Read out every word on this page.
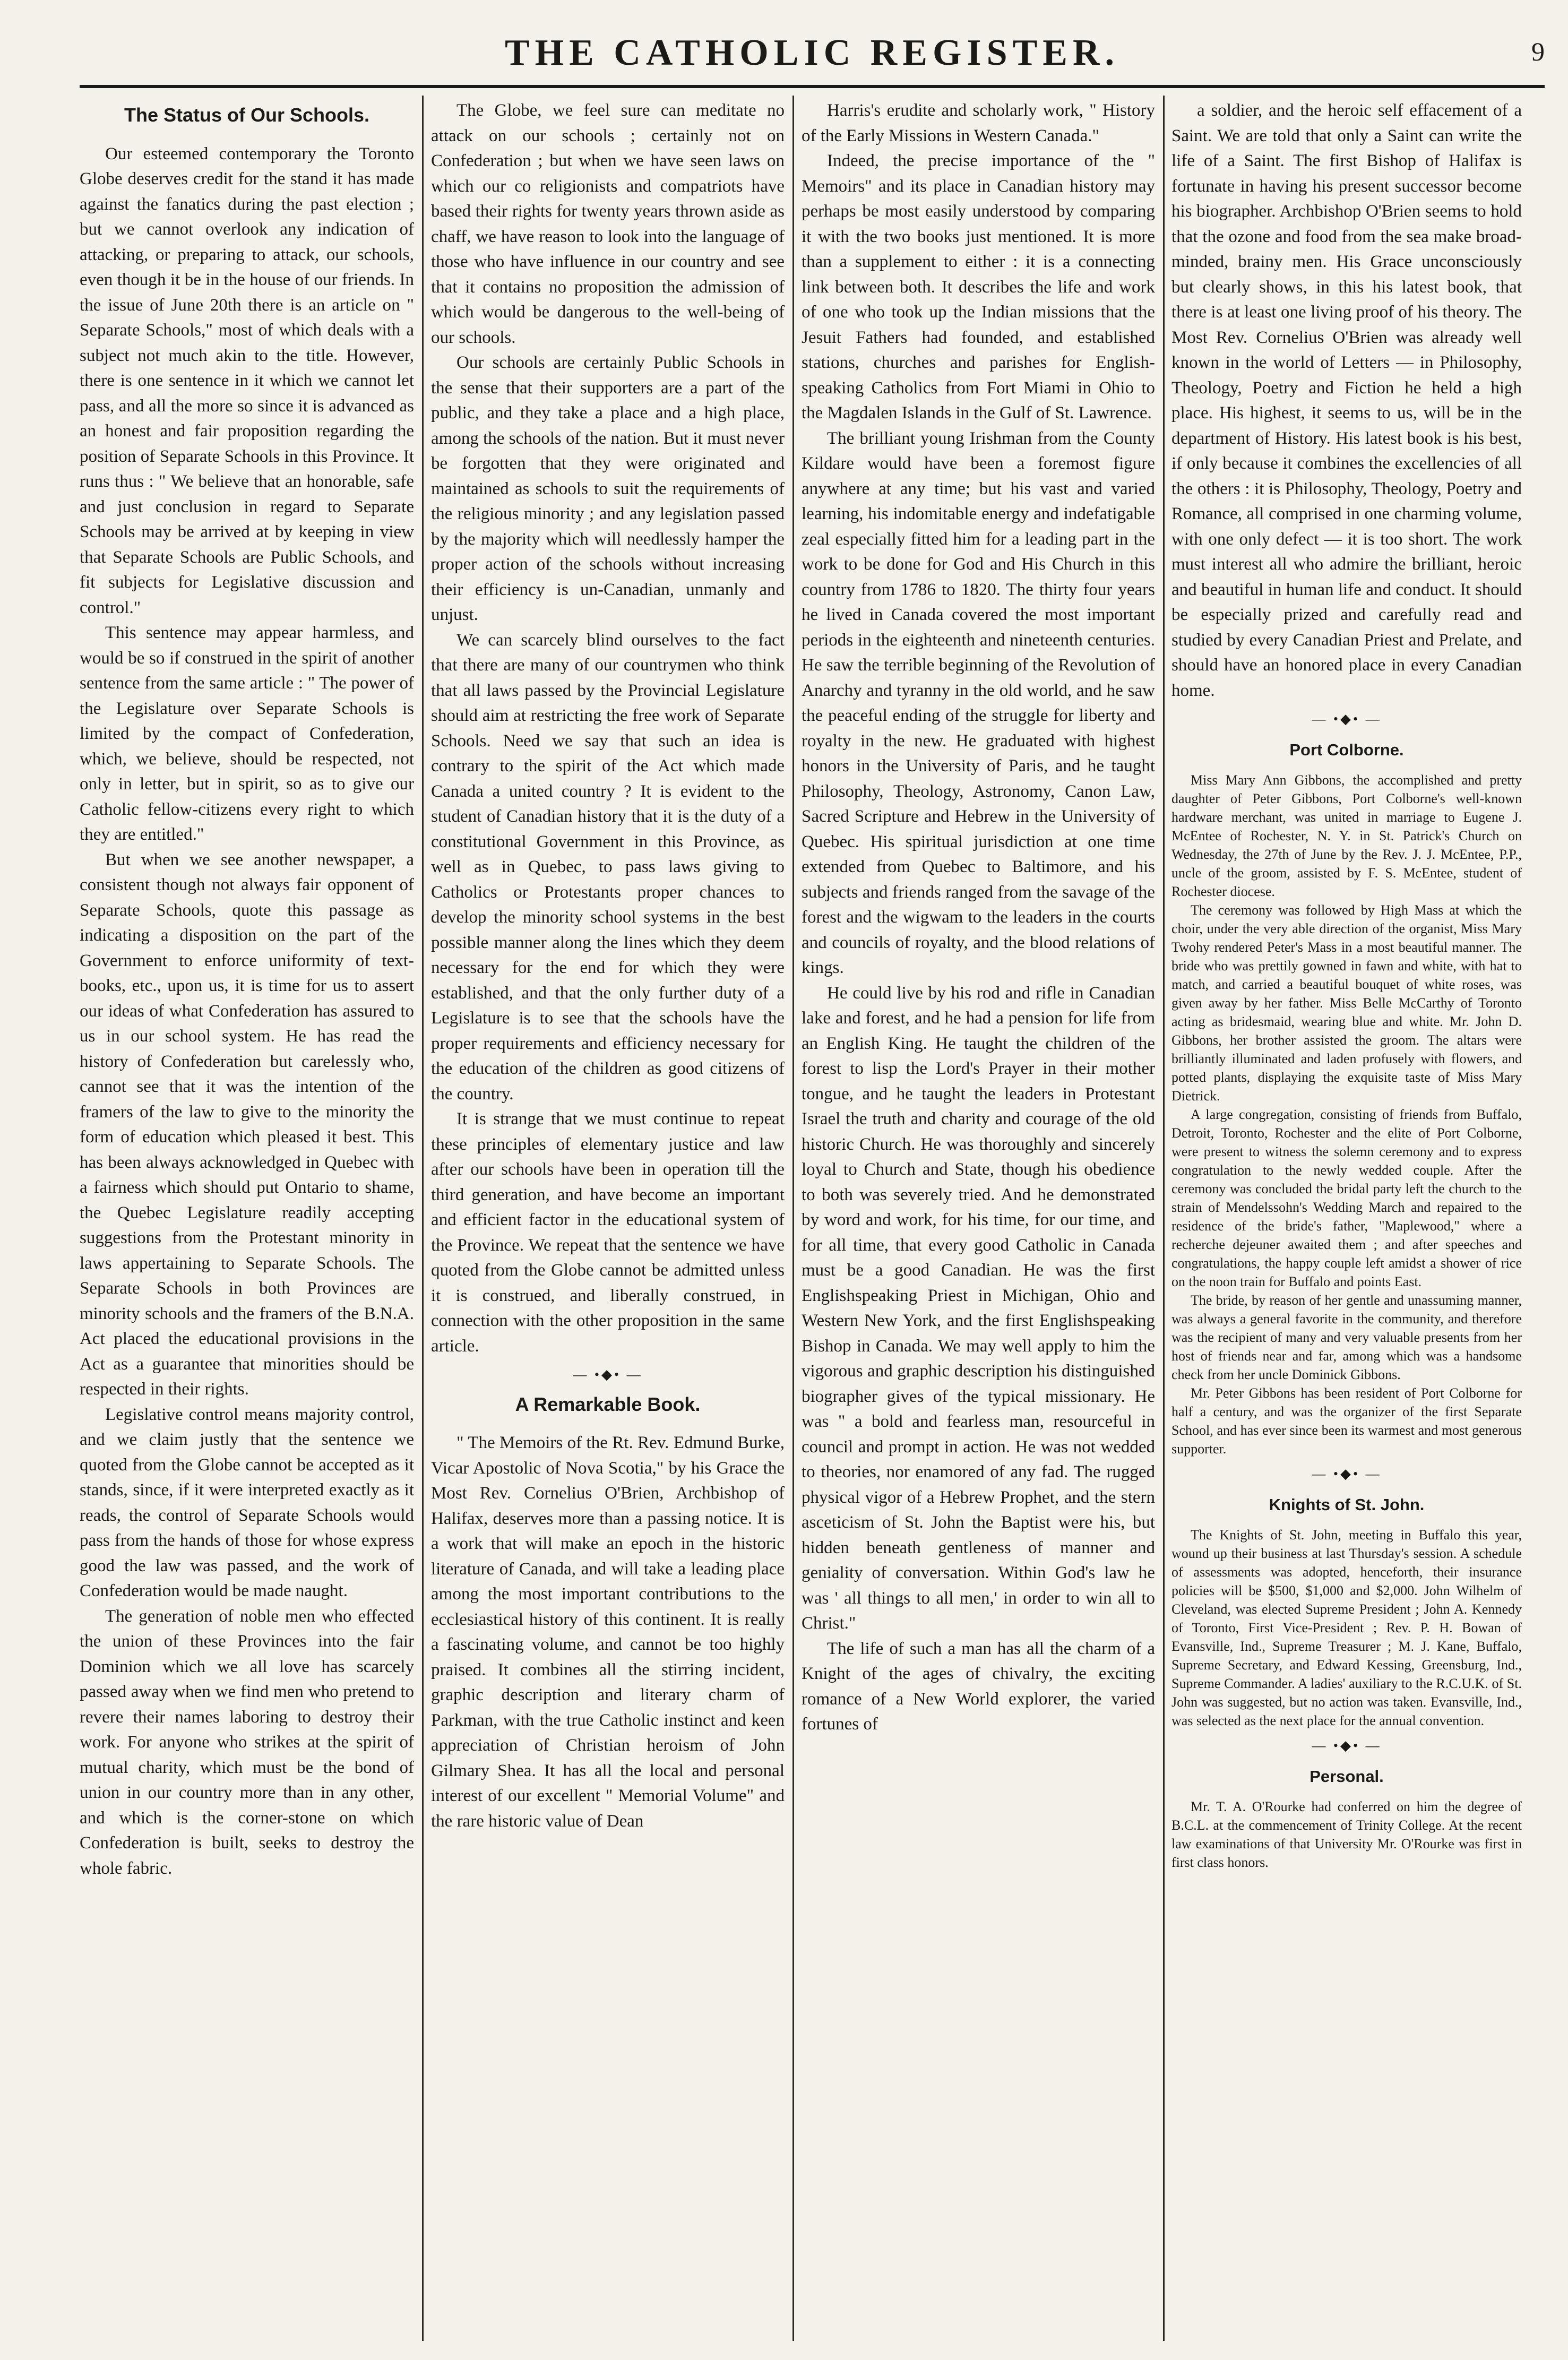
THE CATHOLIC REGISTER.	9
The Status of Our Schools.

Our esteemed contemporary the Toronto Globe deserves credit for the stand it has made against the fanatics during the past election ; but we cannot overlook any indication of attacking, or preparing to attack, our schools, even though it be in the house of our friends. In the issue of June 20th there is an article on " Separate Schools," most of which deals with a subject not much akin to the title. However, there is one sentence in it which we cannot let pass, and all the more so since it is advanced as an honest and fair proposition regarding the position of Separate Schools in this Province. It runs thus : " We believe that an honorable, safe and just conclusion in regard to Separate Schools may be arrived at by keeping in view that Separate Schools are Public Schools, and fit subjects for Legislative discussion and control."

This sentence may appear harmless, and would be so if construed in the spirit of another sentence from the same article : " The power of the Legislature over Separate Schools is limited by the compact of Confederation, which, we believe, should be respected, not only in letter, but in spirit, so as to give our Catholic fellow-citizens every right to which they are entitled."

But when we see another newspaper, a consistent though not always fair opponent of Separate Schools, quote this passage as indicating a disposition on the part of the Government to enforce uniformity of text-books, etc., upon us, it is time for us to assert our ideas of what Confederation has assured to us in our school system. He has read the history of Confederation but carelessly who, cannot see that it was the intention of the framers of the law to give to the minority the form of education which pleased it best. This has been always acknowledged in Quebec with a fairness which should put Ontario to shame, the Quebec Legislature readily accepting suggestions from the Protestant minority in laws appertaining to Separate Schools. The Separate Schools in both Provinces are minority schools and the framers of the B.N.A. Act placed the educational provisions in the Act as a guarantee that minorities should be respected in their rights.

Legislative control means majority control, and we claim justly that the sentence we quoted from the Globe cannot be accepted as it stands, since, if it were interpreted exactly as it reads, the control of Separate Schools would pass from the hands of those for whose express good the law was passed, and the work of Confederation would be made naught.

The generation of noble men who effected the union of these Provinces into the fair Dominion which we all love has scarcely passed away when we find men who pretend to revere their names laboring to destroy their work. For anyone who strikes at the spirit of mutual charity, which must be the bond of union in our country more than in any other, and which is the corner-stone on which Confederation is built, seeks to destroy the whole fabric.

The Globe, we feel sure can meditate no attack on our schools ; certainly not on Confederation ; but when we have seen laws on which our co religionists and compatriots have based their rights for twenty years thrown aside as chaff, we have reason to look into the language of those who have influence in our country and see that it contains no proposition the admission of which would be dangerous to the well-being of our schools.

Our schools are certainly Public Schools in the sense that their supporters are a part of the public, and they take a place and a high place, among the schools of the nation. But it must never be forgotten that they were originated and maintained as schools to suit the requirements of the religious minority ; and any legislation passed by the majority which will needlessly hamper the proper action of the schools without increasing their efficiency is un-Canadian, unmanly and unjust.

We can scarcely blind ourselves to the fact that there are many of our countrymen who think that all laws passed by the Provincial Legislature should aim at restricting the free work of Separate Schools. Need we say that such an idea is contrary to the spirit of the Act which made Canada a united country ? It is evident to the student of Canadian history that it is the duty of a constitutional Government in this Province, as well as in Quebec, to pass laws giving to Catholics or Protestants proper chances to develop the minority school systems in the best possible manner along the lines which they deem necessary for the end for which they were established, and that the only further duty of a Legislature is to see that the schools have the proper requirements and efficiency necessary for the education of the children as good citizens of the country.

It is strange that we must continue to repeat these principles of elementary justice and law after our schools have been in operation till the third generation, and have become an important and efficient factor in the educational system of the Province. We repeat that the sentence we have quoted from the Globe cannot be admitted unless it is construed, and liberally construed, in connection with the other proposition in the same article.

— •◆• —
A Remarkable Book.

" The Memoirs of the Rt. Rev. Edmund Burke, Vicar Apostolic of Nova Scotia," by his Grace the Most Rev. Cornelius O'Brien, Archbishop of Halifax, deserves more than a passing notice. It is a work that will make an epoch in the historic literature of Canada, and will take a leading place among the most important contributions to the ecclesiastical history of this continent. It is really a fascinating volume, and cannot be too highly praised. It combines all the stirring incident, graphic description and literary charm of Parkman, with the true Catholic instinct and keen appreciation of Christian heroism of John Gilmary Shea. It has all the local and personal interest of our excellent " Memorial Volume" and the rare historic value of Dean

Harris's erudite and scholarly work, " History of the Early Missions in Western Canada."

Indeed, the precise importance of the " Memoirs" and its place in Canadian history may perhaps be most easily understood by comparing it with the two books just mentioned. It is more than a supplement to either : it is a connecting link between both. It describes the life and work of one who took up the Indian missions that the Jesuit Fathers had founded, and established stations, churches and parishes for English-speaking Catholics from Fort Miami in Ohio to the Magdalen Islands in the Gulf of St. Lawrence.

The brilliant young Irishman from the County Kildare would have been a foremost figure anywhere at any time; but his vast and varied learning, his indomitable energy and indefatigable zeal especially fitted him for a leading part in the work to be done for God and His Church in this country from 1786 to 1820. The thirty four years he lived in Canada covered the most important periods in the eighteenth and nineteenth centuries. He saw the terrible beginning of the Revolution of Anarchy and tyranny in the old world, and he saw the peaceful ending of the struggle for liberty and royalty in the new. He graduated with highest honors in the University of Paris, and he taught Philosophy, Theology, Astronomy, Canon Law, Sacred Scripture and Hebrew in the University of Quebec. His spiritual jurisdiction at one time extended from Quebec to Baltimore, and his subjects and friends ranged from the savage of the forest and the wigwam to the leaders in the courts and councils of royalty, and the blood relations of kings.

He could live by his rod and rifle in Canadian lake and forest, and he had a pension for life from an English King. He taught the children of the forest to lisp the Lord's Prayer in their mother tongue, and he taught the leaders in Protestant Israel the truth and charity and courage of the old historic Church. He was thoroughly and sincerely loyal to Church and State, though his obedience to both was severely tried. And he demonstrated by word and work, for his time, for our time, and for all time, that every good Catholic in Canada must be a good Canadian. He was the first Englishspeaking Priest in Michigan, Ohio and Western New York, and the first Englishspeaking Bishop in Canada. We may well apply to him the vigorous and graphic description his distinguished biographer gives of the typical missionary. He was " a bold and fearless man, resourceful in council and prompt in action. He was not wedded to theories, nor enamored of any fad. The rugged physical vigor of a Hebrew Prophet, and the stern asceticism of St. John the Baptist were his, but hidden beneath gentleness of manner and geniality of conversation. Within God's law he was ' all things to all men,' in order to win all to Christ."

The life of such a man has all the charm of a Knight of the ages of chivalry, the exciting romance of a New World explorer, the varied fortunes of

a soldier, and the heroic self effacement of a Saint. We are told that only a Saint can write the life of a Saint. The first Bishop of Halifax is fortunate in having his present successor become his biographer. Archbishop O'Brien seems to hold that the ozone and food from the sea make broad-minded, brainy men. His Grace unconsciously but clearly shows, in this his latest book, that there is at least one living proof of his theory. The Most Rev. Cornelius O'Brien was already well known in the world of Letters — in Philosophy, Theology, Poetry and Fiction he held a high place. His highest, it seems to us, will be in the department of History. His latest book is his best, if only because it combines the excellencies of all the others : it is Philosophy, Theology, Poetry and Romance, all comprised in one charming volume, with one only defect — it is too short. The work must interest all who admire the brilliant, heroic and beautiful in human life and conduct. It should be especially prized and carefully read and studied by every Canadian Priest and Prelate, and should have an honored place in every Canadian home.

— •◆• —
Port Colborne.

Miss Mary Ann Gibbons, the accomplished and pretty daughter of Peter Gibbons, Port Colborne's well-known hardware merchant, was united in marriage to Eugene J. McEntee of Rochester, N. Y. in St. Patrick's Church on Wednesday, the 27th of June by the Rev. J. J. McEntee, P.P., uncle of the groom, assisted by F. S. McEntee, student of Rochester diocese.

The ceremony was followed by High Mass at which the choir, under the very able direction of the organist, Miss Mary Twohy rendered Peter's Mass in a most beautiful manner. The bride who was prettily gowned in fawn and white, with hat to match, and carried a beautiful bouquet of white roses, was given away by her father. Miss Belle McCarthy of Toronto acting as bridesmaid, wearing blue and white. Mr. John D. Gibbons, her brother assisted the groom. The altars were brilliantly illuminated and laden profusely with flowers, and potted plants, displaying the exquisite taste of Miss Mary Dietrick.

A large congregation, consisting of friends from Buffalo, Detroit, Toronto, Rochester and the elite of Port Colborne, were present to witness the solemn ceremony and to express congratulation to the newly wedded couple. After the ceremony was concluded the bridal party left the church to the strain of Mendelssohn's Wedding March and repaired to the residence of the bride's father, "Maplewood," where a recherche dejeuner awaited them ; and after speeches and congratulations, the happy couple left amidst a shower of rice on the noon train for Buffalo and points East.

The bride, by reason of her gentle and unassuming manner, was always a general favorite in the community, and therefore was the recipient of many and very valuable presents from her host of friends near and far, among which was a handsome check from her uncle Dominick Gibbons.

Mr. Peter Gibbons has been resident of Port Colborne for half a century, and was the organizer of the first Separate School, and has ever since been its warmest and most generous supporter.

— •◆• —
Knights of St. John.

The Knights of St. John, meeting in Buffalo this year, wound up their business at last Thursday's session. A schedule of assessments was adopted, henceforth, their insurance policies will be $500, $1,000 and $2,000. John Wilhelm of Cleveland, was elected Supreme President ; John A. Kennedy of Toronto, First Vice-President ; Rev. P. H. Bowan of Evansville, Ind., Supreme Treasurer ; M. J. Kane, Buffalo, Supreme Secretary, and Edward Kessing, Greensburg, Ind., Supreme Commander. A ladies' auxiliary to the R.C.U.K. of St. John was suggested, but no action was taken. Evansville, Ind., was selected as the next place for the annual convention.

— •◆• —
Personal.

Mr. T. A. O'Rourke had conferred on him the degree of B.C.L. at the commencement of Trinity College. At the recent law examinations of that University Mr. O'Rourke was first in first class honors.
